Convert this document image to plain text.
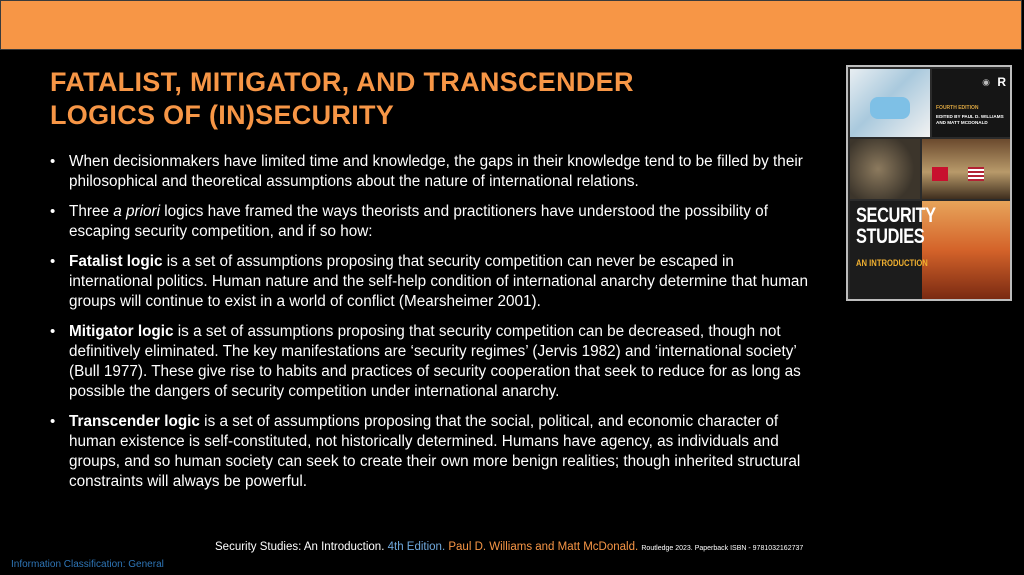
FATALIST, MITIGATOR, AND TRANSCENDER
LOGICS OF (IN)SECURITY
• When decisionmakers have limited time and knowledge, the gaps in their knowledge tend to be filled by their philosophical and theoretical assumptions about the nature of international relations.
• Three a priori logics have framed the ways theorists and practitioners have understood the possibility of escaping security competition, and if so how:
• Fatalist logic is a set of assumptions proposing that security competition can never be escaped in international politics. Human nature and the self-help condition of international anarchy determine that human groups will continue to exist in a world of conflict (Mearsheimer 2001).
• Mitigator logic is a set of assumptions proposing that security competition can be decreased, though not definitively eliminated. The key manifestations are ‘security regimes’ (Jervis 1982) and ‘international society’ (Bull 1977). These give rise to habits and practices of security cooperation that seek to reduce for as long as possible the dangers of security competition under international anarchy.
• Transcender logic is a set of assumptions proposing that the social, political, and economic character of human existence is self-constituted, not historically determined. Humans have agency, as individuals and groups, and so human society can seek to create their own more benign realities; though inherited structural constraints will always be powerful.
◉ R
FOURTH EDITION
EDITED BY PAUL D. WILLIAMS
AND MATT MCDONALD
SECURITY
STUDIES
AN INTRODUCTION
Security Studies: An Introduction. 4th Edition. Paul D. Williams and Matt McDonald. Routledge 2023. Paperback ISBN - 9781032162737
Information Classification: General
